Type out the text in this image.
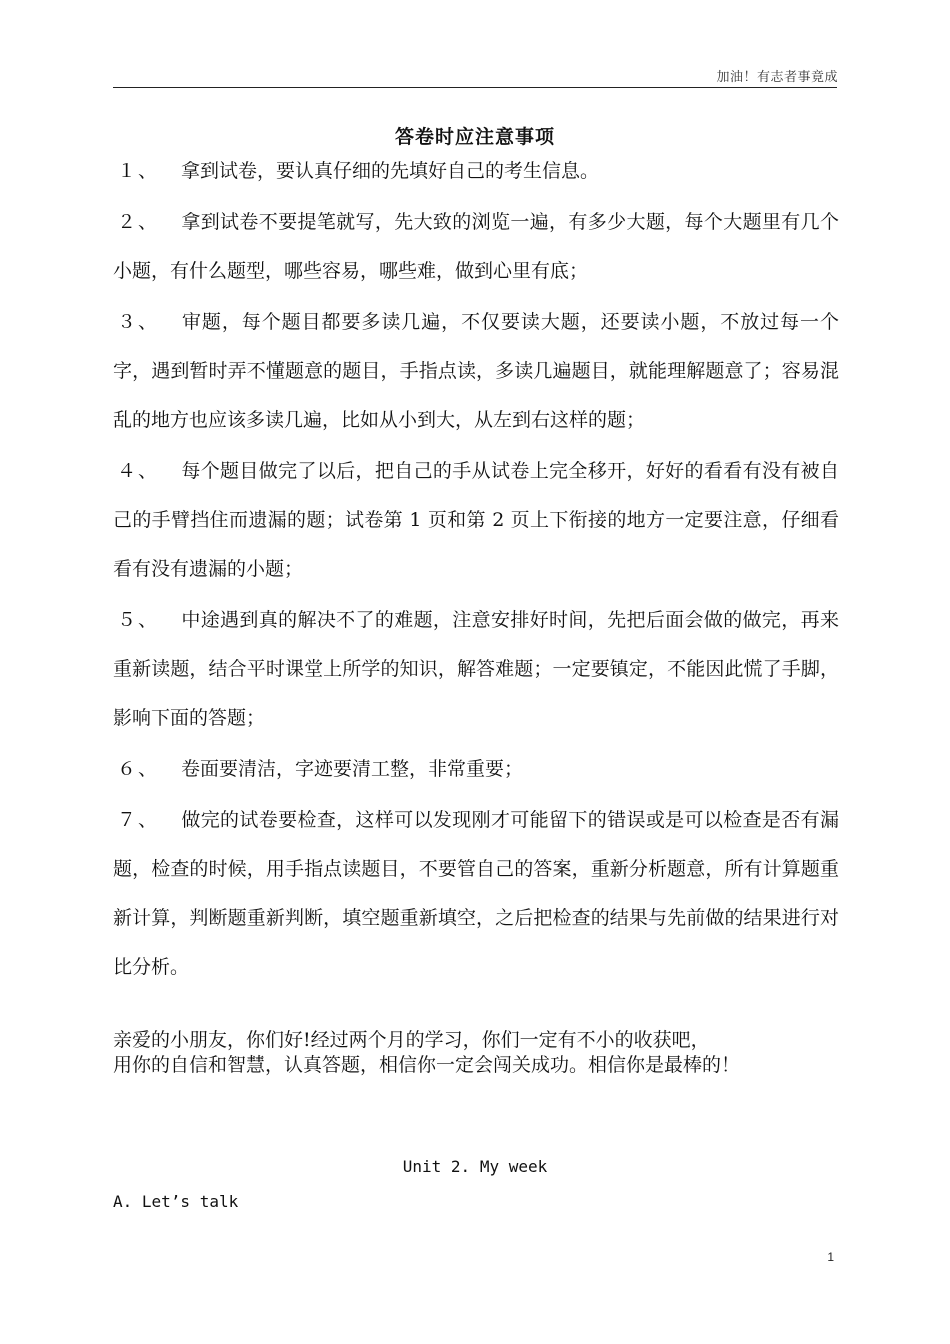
加油！有志者事竟成
答卷时应注意事项
１、 拿到试卷，要认真仔细的先填好自己的考生信息。
２、 拿到试卷不要提笔就写，先大致的浏览一遍，有多少大题，每个大题里有几个小题，有什么题型，哪些容易，哪些难，做到心里有底；
３、 审题，每个题目都要多读几遍，不仅要读大题，还要读小题，不放过每一个字，遇到暂时弄不懂题意的题目，手指点读，多读几遍题目，就能理解题意了；容易混乱的地方也应该多读几遍，比如从小到大，从左到右这样的题；
４、 每个题目做完了以后，把自己的手从试卷上完全移开，好好的看看有没有被自己的手臂挡住而遗漏的题；试卷第 1 页和第 2 页上下衔接的地方一定要注意，仔细看看有没有遗漏的小题；
５、 中途遇到真的解决不了的难题，注意安排好时间，先把后面会做的做完，再来重新读题，结合平时课堂上所学的知识，解答难题；一定要镇定，不能因此慌了手脚，影响下面的答题；
６、 卷面要清洁，字迹要清工整，非常重要；
７、 做完的试卷要检查，这样可以发现刚才可能留下的错误或是可以检查是否有漏题，检查的时候，用手指点读题目，不要管自己的答案，重新分析题意，所有计算题重新计算，判断题重新判断，填空题重新填空，之后把检查的结果与先前做的结果进行对比分析。

亲爱的小朋友，你们好!经过两个月的学习，你们一定有不小的收获吧，

用你的自信和智慧，认真答题，相信你一定会闯关成功。相信你是最棒的！

Unit 2. My week
A. Let’s talk
1
